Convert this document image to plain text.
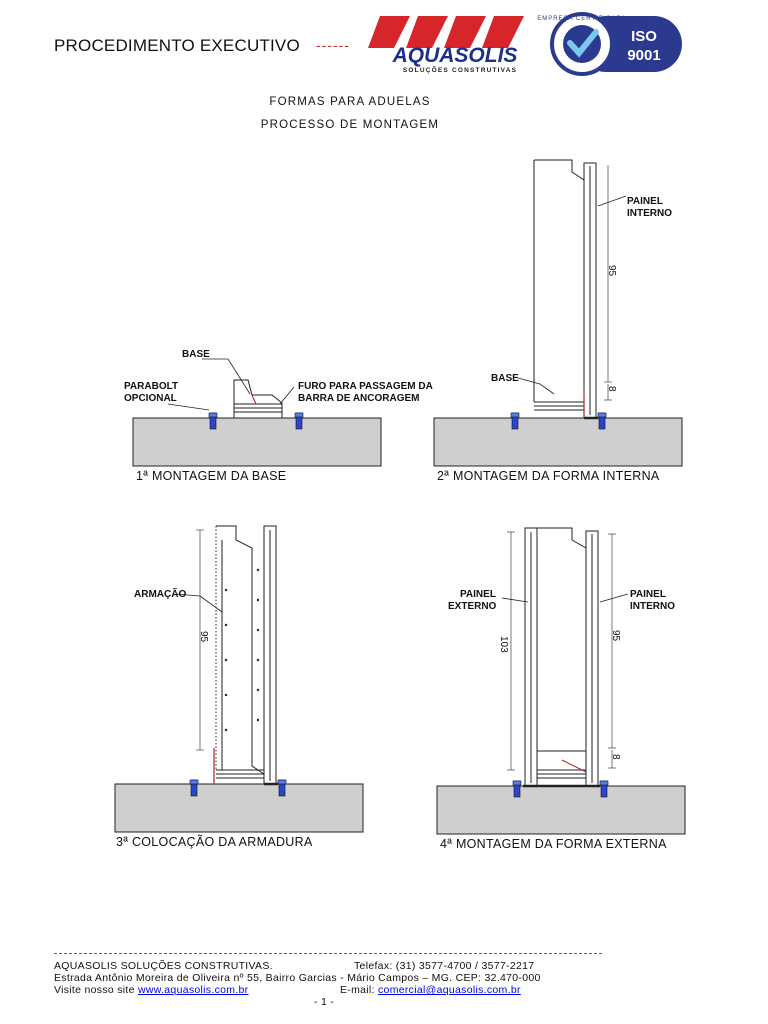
PROCEDIMENTO EXECUTIVO ------ AQUASOLIS
SOLUÇÕES CONSTRUTIVAS
EMPRESA CERTIFICADA
ISO
9001
FORMAS PARA ADUELAS
PROCESSO DE MONTAGEM
BASE
PARABOLT
OPCIONAL
FURO PARA PASSAGEM DA
BARRA DE ANCORAGEM
1ª MONTAGEM DA BASE
PAINEL
INTERNO
BASE
95
8
2ª MONTAGEM DA FORMA INTERNA
ARMAÇÃO
95
3ª COLOCAÇÃO DA ARMADURA
PAINEL
EXTERNO
PAINEL
INTERNO
103
95
8
4ª MONTAGEM DA FORMA EXTERNA
AQUASOLIS SOLUÇÕES CONSTRUTIVAS.	Telefax: (31) 3577-4700 / 3577-2217
Estrada Antônio Moreira de Oliveira nº 55, Bairro Garcias - Mário Campos – MG. CEP: 32.470-000
Visite nosso site www.aquasolis.com.br	E-mail: comercial@aquasolis.com.br
- 1 -
